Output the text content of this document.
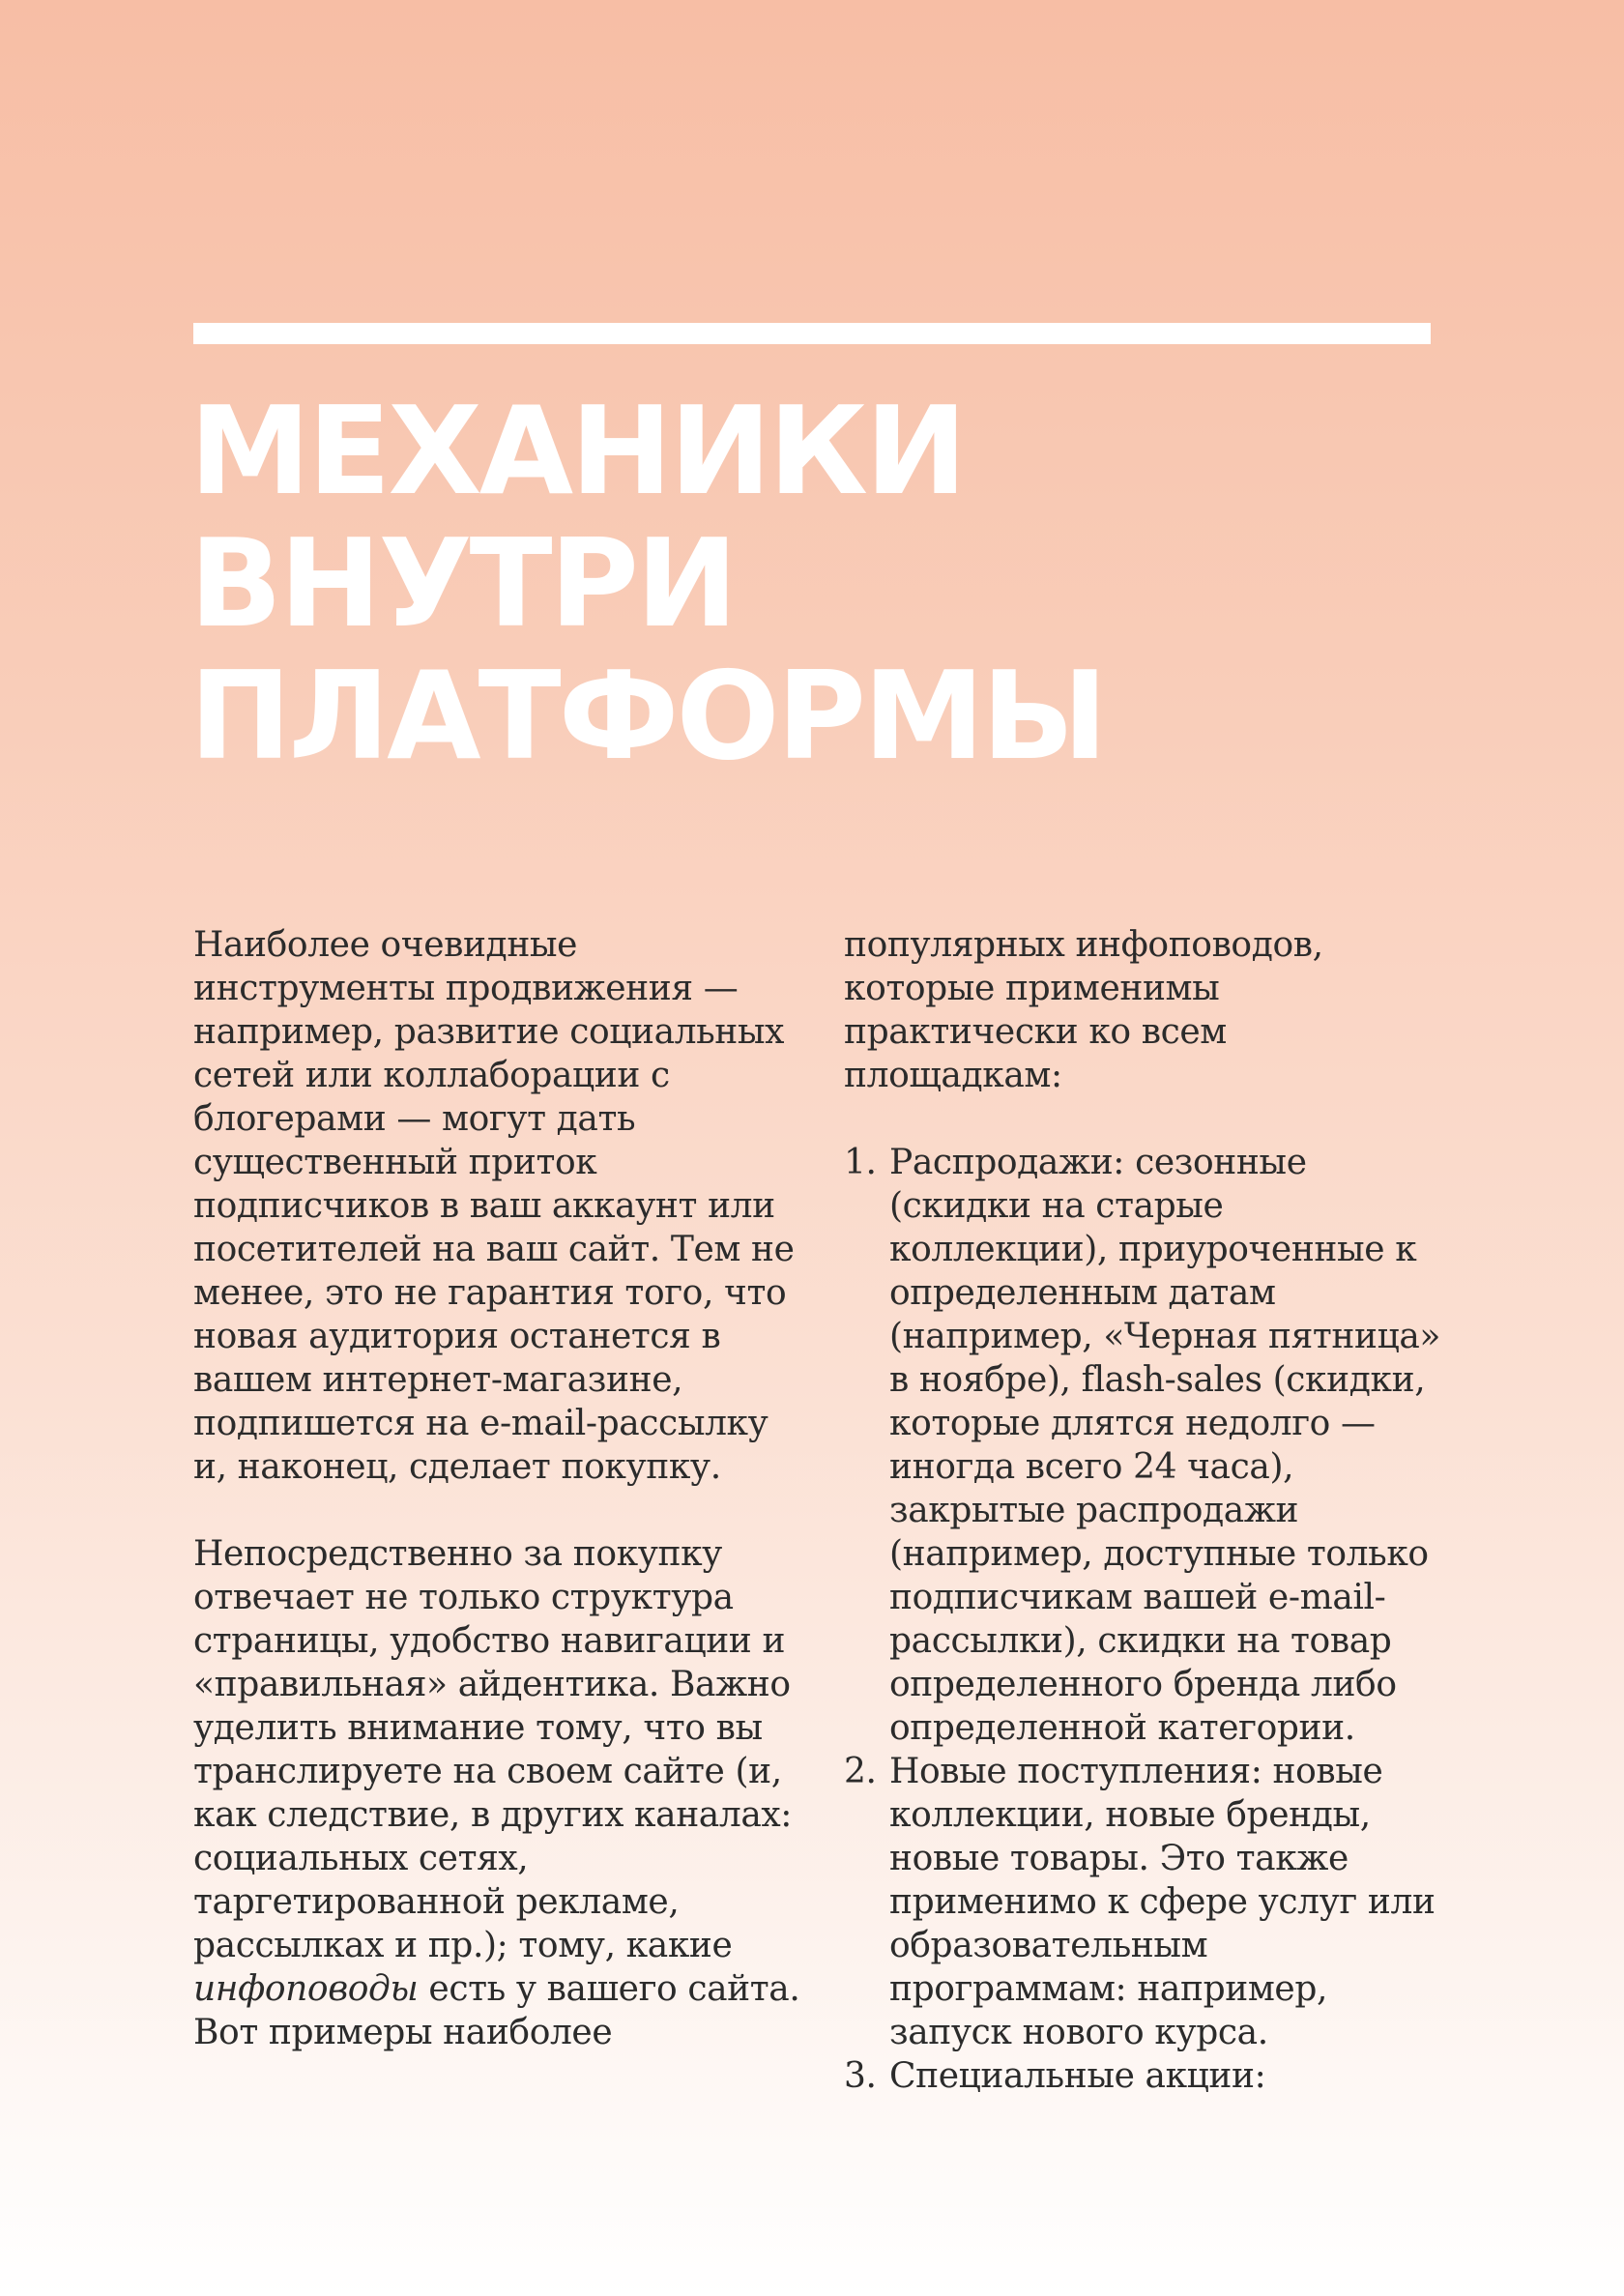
МЕХАНИКИ
ВНУТРИ
ПЛАТФОРМЫ

Наиболее очевидные инструменты продвижения — например, развитие социальных сетей или коллаборации с блогерами — могут дать существенный приток подписчиков в ваш аккаунт или посетителей на ваш сайт. Тем не менее, это не гарантия того, что новая аудитория останется в вашем интернет-магазине, подпишется на e-mail-рассылку и, наконец, сделает покупку.

Непосредственно за покупку отвечает не только структура страницы, удобство навигации и «правильная» айдентика. Важно уделить внимание тому, что вы транслируете на своем сайте (и, как следствие, в других каналах: социальных сетях, таргетированной рекламе, рассылках и пр.); тому, какие инфоповоды есть у вашего сайта. Вот примеры наиболее

популярных инфоповодов, которые применимы практически ко всем площадкам:

1. Распродажи: сезонные (скидки на старые коллекции), приуроченные к определенным датам (например, «Черная пятница» в ноябре), flash-sales (скидки, которые длятся недолго — иногда всего 24 часа), закрытые распродажи (например, доступные только подписчикам вашей e-mail-рассылки), скидки на товар определенного бренда либо определенной категории.
2. Новые поступления: новые коллекции, новые бренды, новые товары. Это также применимо к сфере услуг или образовательным программам: например, запуск нового курса.
3. Специальные акции:
